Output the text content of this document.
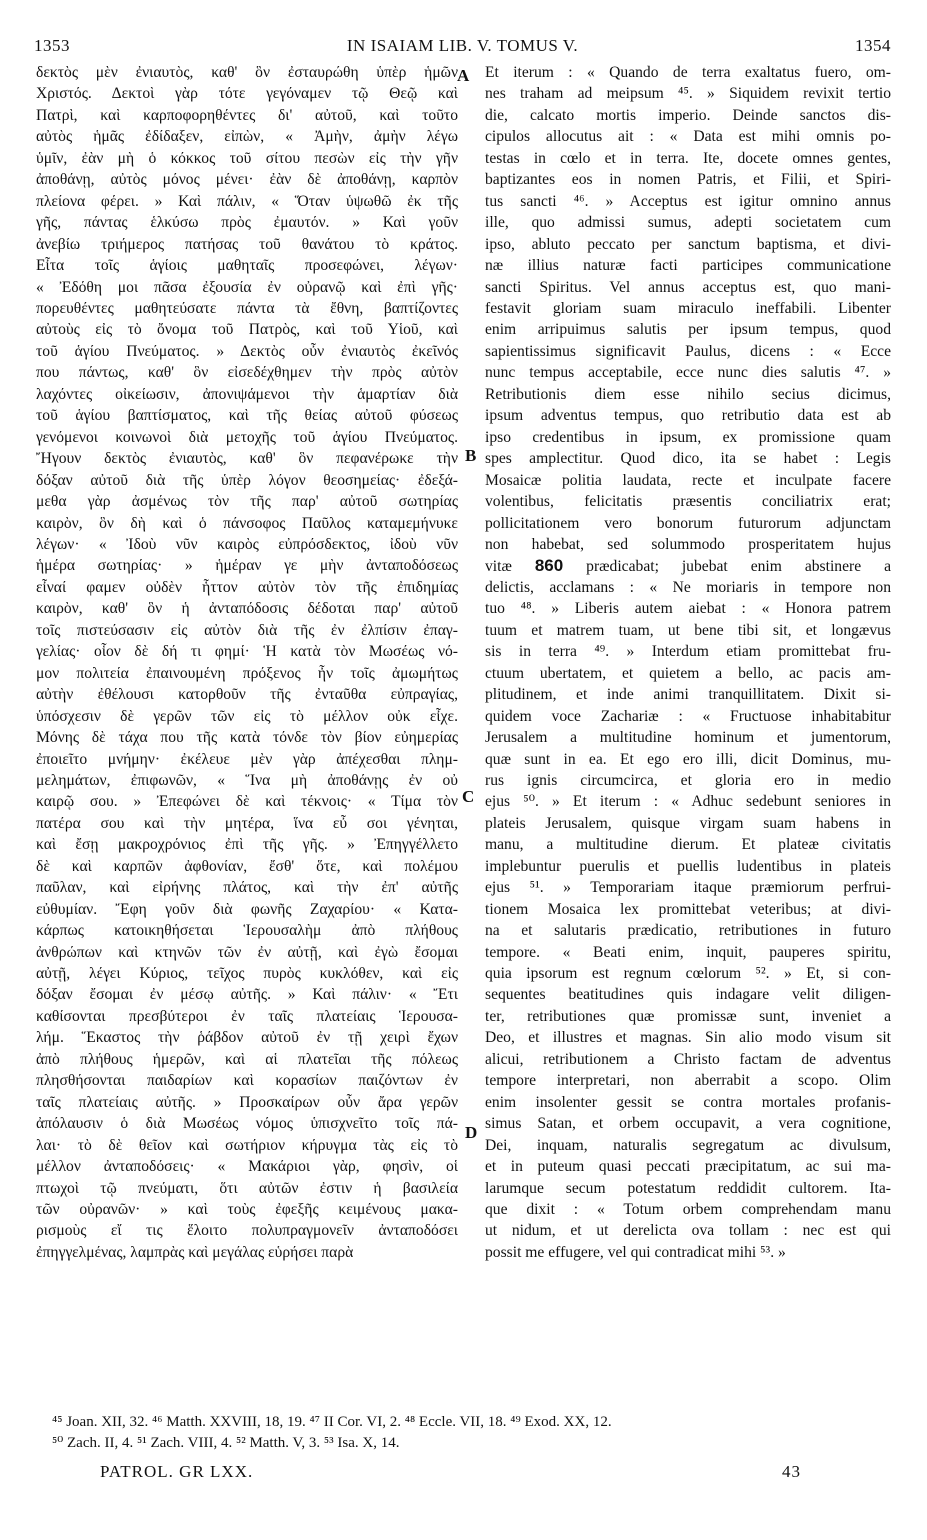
1353	IN ISAIAM LIB. V. TOMUS V.	1354
δεκτὸς μὲν ἐνιαυτὸς, καθ' ὃν ἐσταυρώθη ὑπὲρ ἡμῶν
Χριστός. Δεκτοὶ γὰρ τότε γεγόναμεν τῷ Θεῷ καὶ
Πατρὶ, καὶ καρποφορηθέντες δι' αὐτοῦ, καὶ τοῦτο
αὐτὸς ἡμᾶς ἐδίδαξεν, εἰπὼν, « Ἀμὴν, ἀμὴν λέγω
ὑμῖν, ἐὰν μὴ ὁ κόκκος τοῦ σίτου πεσὼν εἰς τὴν γῆν
ἀποθάνῃ, αὐτὸς μόνος μένει· ἐὰν δὲ ἀποθάνῃ, καρπὸν
πλείονα φέρει. » Καὶ πάλιν, « Ὅταν ὑψωθῶ ἐκ τῆς
γῆς, πάντας ἑλκύσω πρὸς ἐμαυτόν. » Καὶ γοῦν
ἀνεβίω τριήμερος πατήσας τοῦ θανάτου τὸ κράτος.
Εἶτα τοῖς ἁγίοις μαθηταῖς προσεφώνει, λέγων·
« Ἐδόθη μοι πᾶσα ἐξουσία ἐν οὐρανῷ καὶ ἐπὶ γῆς·
πορευθέντες μαθητεύσατε πάντα τὰ ἔθνη, βαπτίζοντες
αὐτοὺς εἰς τὸ ὄνομα τοῦ Πατρὸς, καὶ τοῦ Υἱοῦ, καὶ
τοῦ ἁγίου Πνεύματος. » Δεκτὸς οὖν ἐνιαυτὸς ἐκεῖνός
που πάντως, καθ' ὃν εἰσεδέχθημεν τὴν πρὸς αὐτὸν
λαχόντες οἰκείωσιν, ἀπονιψάμενοι τὴν ἁμαρτίαν διὰ
τοῦ ἁγίου βαπτίσματος, καὶ τῆς θείας αὐτοῦ φύσεως
γενόμενοι κοινωνοὶ διὰ μετοχῆς τοῦ ἁγίου Πνεύματος.
Ἤγουν δεκτὸς ἐνιαυτὸς, καθ' ὃν πεφανέρωκε τὴν
δόξαν αὐτοῦ διὰ τῆς ὑπὲρ λόγον θεοσημείας· ἐδεξά-
μεθα γὰρ ἀσμένως τὸν τῆς παρ' αὐτοῦ σωτηρίας
καιρὸν, ὃν δὴ καὶ ὁ πάνσοφος Παῦλος καταμεμήνυκε
λέγων· « Ἰδοὺ νῦν καιρὸς εὐπρόσδεκτος, ἰδοὺ νῦν
ἡμέρα σωτηρίας· » ἡμέραν γε μὴν ἀνταποδόσεως
εἶναί φαμεν οὐδὲν ἧττον αὐτὸν τὸν τῆς ἐπιδημίας
καιρὸν, καθ' ὃν ἡ ἀνταπόδοσις δέδοται παρ' αὐτοῦ
τοῖς πιστεύσασιν εἰς αὐτὸν διὰ τῆς ἐν ἐλπίσιν ἐπαγ-
γελίας· οἷον δὲ δή τι φημί· Ἡ κατὰ τὸν Μωσέως νό-
μον πολιτεία ἐπαινουμένη πρόξενος ἦν τοῖς ἀμωμήτως
αὐτὴν ἐθέλουσι κατορθοῦν τῆς ἐνταῦθα εὐπραγίας,
ὑπόσχεσιν δὲ γερῶν τῶν εἰς τὸ μέλλον οὐκ εἶχε.
Μόνης δὲ τάχα που τῆς κατὰ τόνδε τὸν βίον εὐημερίας
ἐποιεῖτο μνήμην· ἐκέλευε μὲν γὰρ ἀπέχεσθαι πλημ-
μελημάτων, ἐπιφωνῶν, « Ἵνα μὴ ἀποθάνῃς ἐν οὐ
καιρῷ σου. » Ἐπεφώνει δὲ καὶ τέκνοις· « Τίμα τὸν
πατέρα σου καὶ τὴν μητέρα, ἵνα εὖ σοι γένηται,
καὶ ἔσῃ μακροχρόνιος ἐπὶ τῆς γῆς. » Ἐπηγγέλλετο
δὲ καὶ καρπῶν ἀφθονίαν, ἔσθ' ὅτε, καὶ πολέμου
παῦλαν, καὶ εἰρήνης πλάτος, καὶ τὴν ἐπ' αὐτῆς
εὐθυμίαν. Ἔφη γοῦν διὰ φωνῆς Ζαχαρίου· « Κατα-
κάρπως κατοικηθήσεται Ἱερουσαλὴμ ἀπὸ πλήθους
ἀνθρώπων καὶ κτηνῶν τῶν ἐν αὐτῇ, καὶ ἐγὼ ἔσομαι
αὐτῇ, λέγει Κύριος, τεῖχος πυρὸς κυκλόθεν, καὶ εἰς
δόξαν ἔσομαι ἐν μέσῳ αὐτῆς. » Καὶ πάλιν· « Ἔτι
καθίσονται πρεσβύτεροι ἐν ταῖς πλατείαις Ἱερουσα-
λήμ. Ἕκαστος τὴν ῥάβδον αὐτοῦ ἐν τῇ χειρὶ ἔχων
ἀπὸ πλήθους ἡμερῶν, καὶ αἱ πλατεῖαι τῆς πόλεως
πλησθήσονται παιδαρίων καὶ κορασίων παιζόντων ἐν
ταῖς πλατείαις αὐτῆς. » Προσκαίρων οὖν ἄρα γερῶν
ἀπόλαυσιν ὁ διὰ Μωσέως νόμος ὑπισχνεῖτο τοῖς πά-
λαι· τὸ δὲ θεῖον καὶ σωτήριον κήρυγμα τὰς εἰς τὸ
μέλλον ἀνταποδόσεις· « Μακάριοι γὰρ, φησὶν, οἱ
πτωχοὶ τῷ πνεύματι, ὅτι αὐτῶν ἐστιν ἡ βασιλεία
τῶν οὐρανῶν· » καὶ τοὺς ἐφεξῆς κειμένους μακα-
ρισμοὺς εἴ τις ἕλοιτο πολυπραγμονεῖν ἀνταποδόσει
ἐπηγγελμένας, λαμπρὰς καὶ μεγάλας εὑρήσει παρὰ
Et iterum : « Quando de terra exaltatus fuero, om-
nes traham ad meipsum ⁴⁵. » Siquidem revixit tertio
die, calcato mortis imperio. Deinde sanctos dis-
cipulos allocutus ait : « Data est mihi omnis po-
testas in cœlo et in terra. Ite, docete omnes gentes,
baptizantes eos in nomen Patris, et Filii, et Spiri-
tus sancti ⁴⁶. » Acceptus est igitur omnino annus
ille, quo admissi sumus, adepti societatem cum
ipso, abluto peccato per sanctum baptisma, et divi-
næ illius naturæ facti participes communicatione
sancti Spiritus. Vel annus acceptus est, quo mani-
festavit gloriam suam miraculo ineffabili. Libenter
enim arripuimus salutis per ipsum tempus, quod
sapientissimus significavit Paulus, dicens : « Ecce
nunc tempus acceptabile, ecce nunc dies salutis ⁴⁷. »
Retributionis diem esse nihilo secius dicimus,
ipsum adventus tempus, quo retributio data est ab
ipso credentibus in ipsum, ex promissione quam
spes amplectitur. Quod dico, ita se habet : Legis
Mosaicæ politia laudata, recte et inculpate facere
volentibus, felicitatis præsentis conciliatrix erat;
pollicitationem vero bonorum futurorum adjunctam
non habebat, sed solummodo prosperitatem hujus
vitæ 860 prædicabat; jubebat enim abstinere a
delictis, acclamans : « Ne moriaris in tempore non
tuo ⁴⁸. » Liberis autem aiebat : « Honora patrem
tuum et matrem tuam, ut bene tibi sit, et longævus
sis in terra ⁴⁹. » Interdum etiam promittebat fru-
ctuum ubertatem, et quietem a bello, ac pacis am-
plitudinem, et inde animi tranquillitatem. Dixit si-
quidem voce Zachariæ : « Fructuose inhabitabitur
Jerusalem a multitudine hominum et jumentorum,
quæ sunt in ea. Et ego ero illi, dicit Dominus, mu-
rus ignis circumcirca, et gloria ero in medio
ejus ⁵⁰. » Et iterum : « Adhuc sedebunt seniores in
plateis Jerusalem, quisque virgam suam habens in
manu, a multitudine dierum. Et plateæ civitatis
implebuntur puerulis et puellis ludentibus in plateis
ejus ⁵¹. » Temporariam itaque præmiorum perfrui-
tionem Mosaica lex promittebat veteribus; at divi-
na et salutaris prædicatio, retributiones in futuro
tempore. « Beati enim, inquit, pauperes spiritu,
quia ipsorum est regnum cœlorum ⁵². » Et, si con-
sequentes beatitudines quis indagare velit diligen-
ter, retributiones quæ promissæ sunt, inveniet a
Deo, et illustres et magnas. Sin alio modo visum sit
alicui, retributionem a Christo factam de adventus
tempore interpretari, non aberrabit a scopo. Olim
enim insolenter gessit se contra mortales profanis-
simus Satan, et orbem occupavit, a vera cognitione,
Dei, inquam, naturalis segregatum ac divulsum,
et in puteum quasi peccati præcipitatum, ac sui ma-
larumque secum potestatum reddidit cultorem. Ita-
que dixit : « Totum orbem comprehendam manu
ut nidum, et ut derelicta ova tollam : nec est qui
possit me effugere, vel qui contradicat mihi ⁵³. »
A
B
C
D
⁴⁵ Joan. XII, 32. ⁴⁶ Matth. XXVIII, 18, 19. ⁴⁷ II Cor. VI, 2. ⁴⁸ Eccle. VII, 18. ⁴⁹ Exod. XX, 12.
⁵⁰ Zach. II, 4. ⁵¹ Zach. VIII, 4. ⁵² Matth. V, 3. ⁵³ Isa. X, 14.
PATROL. GR LXX.	43
